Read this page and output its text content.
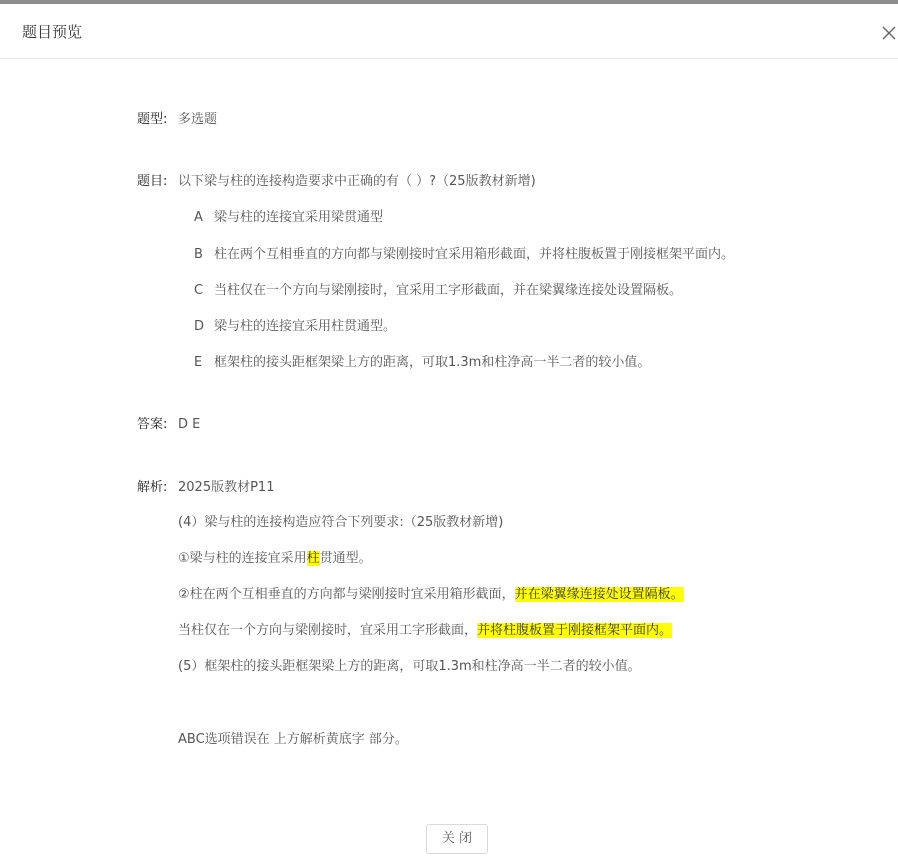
题目预览
题型: 多选题
题目: 以下梁与柱的连接构造要求中正确的有（ ）?（25版教材新增)
A 梁与柱的连接宜采用梁贯通型
B 柱在两个互相垂直的方向都与梁刚接时宜采用箱形截面，并将柱腹板置于刚接框架平面内。
C 当柱仅在一个方向与梁刚接时，宜采用工字形截面，并在梁翼缘连接处设置隔板。
D 梁与柱的连接宜采用柱贯通型。
E 框架柱的接头距框架梁上方的距离，可取1.3m和柱净高一半二者的较小值。
答案: D E
解析: 2025版教材P11
(4）梁与柱的连接构造应符合下列要求:（25版教材新增)
①梁与柱的连接宜采用柱贯通型。
②柱在两个互相垂直的方向都与梁刚接时宜采用箱形截面，并在梁翼缘连接处设置隔板。
当柱仅在一个方向与梁刚接时，宜采用工字形截面，并将柱腹板置于刚接框架平面内。
(5）框架柱的接头距框架梁上方的距离，可取1.3m和柱净高一半二者的较小值。
ABC选项错误在 上方解析黄底字 部分。
关 闭
